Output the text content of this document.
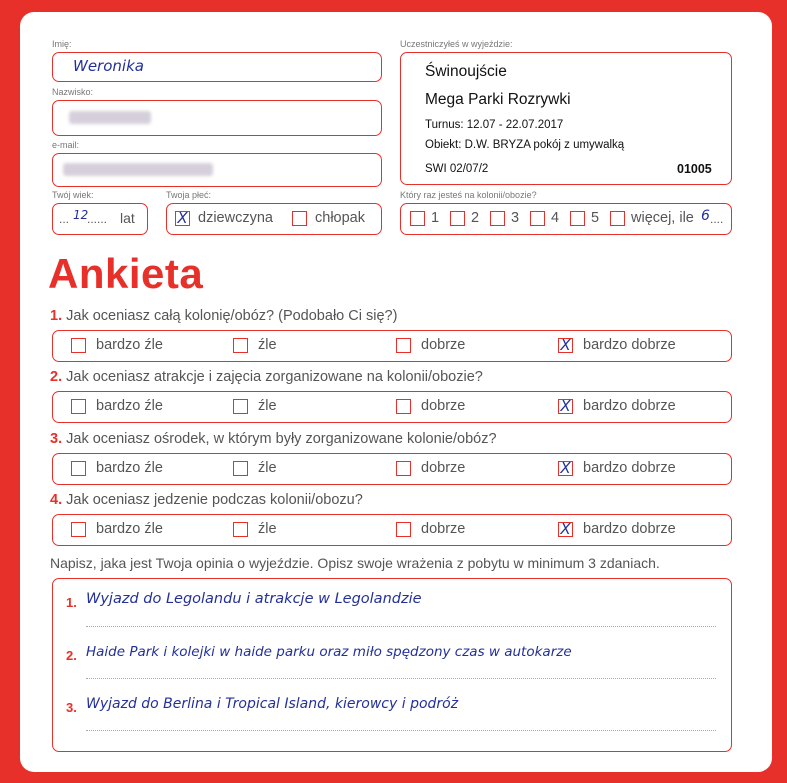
Imię:
Weronika
Nazwisko:
e-mail:
Twój wiek:
... 12
...... lat
Twoja płeć:
X dziewczyna	chłopak
Uczestniczyłeś w wyjeździe:
Świnoujście
Mega Parki Rozrywki
Turnus: 12.07 - 22.07.2017
Obiekt: D.W. BRYZA pokój z umywalką
SWI 02/07/2	01005
Który raz jesteś na kolonii/obozie?
1 2 3 4 5 więcej, ile 6 ....
Ankieta
1. Jak oceniasz całą kolonię/obóz? (Podobało Ci się?)
bardzo źle	źle	dobrze	X bardzo dobrze
2. Jak oceniasz atrakcje i zajęcia zorganizowane na kolonii/obozie?
bardzo źle	źle	dobrze	X bardzo dobrze
3. Jak oceniasz ośrodek, w którym były zorganizowane kolonie/obóz?
bardzo źle	źle	dobrze	X bardzo dobrze
4. Jak oceniasz jedzenie podczas kolonii/obozu?
bardzo źle	źle	dobrze	X bardzo dobrze
Napisz, jaka jest Twoja opinia o wyjeździe. Opisz swoje wrażenia z pobytu w minimum 3 zdaniach.
1. Wyjazd do Legolandu i atrakcje w Legolandzie
2. Haide Park i kolejki w haide parku oraz miło spędzony czas w autokarze
3. Wyjazd do Berlina i Tropical Island, kierowcy i podróż
